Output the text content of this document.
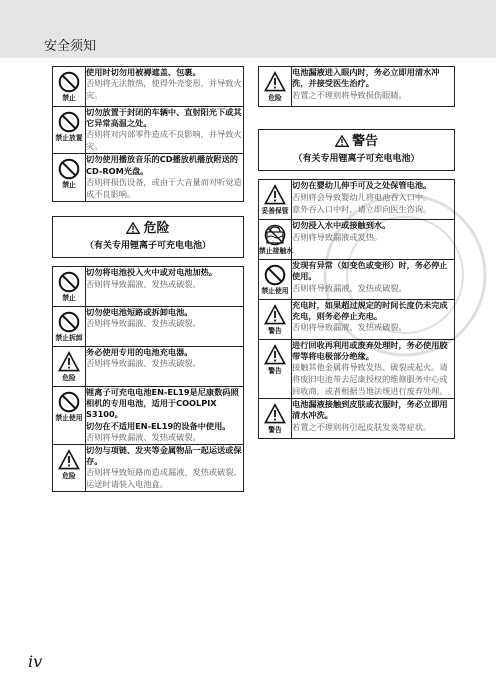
安全须知
禁止	使用时切勿用被褥遮盖、包裹。
否则将无法散热，使得外壳变形，并导致火灾。

禁止放置	切勿放置于封闭的车辆中、直射阳光下或其它异常高温之处。
否则将对内部零件造成不良影响，并导致火灾。

禁止	切勿使用播放音乐的CD播放机播放附送的CD-ROM光盘。
否则将损伤设备，或由于大音量而对听觉造成不良影响。
危险
（有关专用锂离子可充电电池）
禁止	切勿将电池投入火中或对电池加热。
否则将导致漏液、发热或破裂。

禁止拆卸	切勿使电池短路或拆卸电池。
否则将导致漏液、发热或破裂。

危险	务必使用专用的电池充电器。
否则将导致漏液、发热或破裂。

禁止使用	锂离子可充电电池EN-EL19是尼康数码照相机的专用电池，适用于COOLPIX S3100。
切勿在不适用EN-EL19的设备中使用。
否则将导致漏液、发热或破裂。

危险	切勿与项链、发夹等金属物品一起运送或保存。
否则将导致短路而造成漏液、发热或破裂。
运送时请装入电池盒。
危险

电池漏液进入眼内时，务必立即用清水冲洗，并接受医生治疗。
若置之不理则将导致损伤眼睛。
警告
（有关专用锂离子可充电电池）
妥善保管	切勿在婴幼儿伸手可及之处保管电池。
否则将会导致婴幼儿将电池吞入口中。
意外吞入口中时，请立即向医生咨询。

禁止接触水	切勿浸入水中或接触到水。
否则将导致漏液或发热。

禁止使用	发现有异常（如变色或变形）时，务必停止使用。
否则将导致漏液、发热或破裂。

警告	充电时，如果超过规定的时间长度仍未完成充电，则务必停止充电。
否则将导致漏液、发热或破裂。

警告	进行回收再利用或废弃处理时，务必使用胶带等将电极部分绝缘。
接触其他金属将导致发热、破裂或起火。请将废旧电池带去尼康授权的维修服务中心或回收商，或者根据当地法规进行废弃处理。

警告	电池漏液接触到皮肤或衣服时，务必立即用清水冲洗。
若置之不理则将引起皮肤发炎等症状。
iv
